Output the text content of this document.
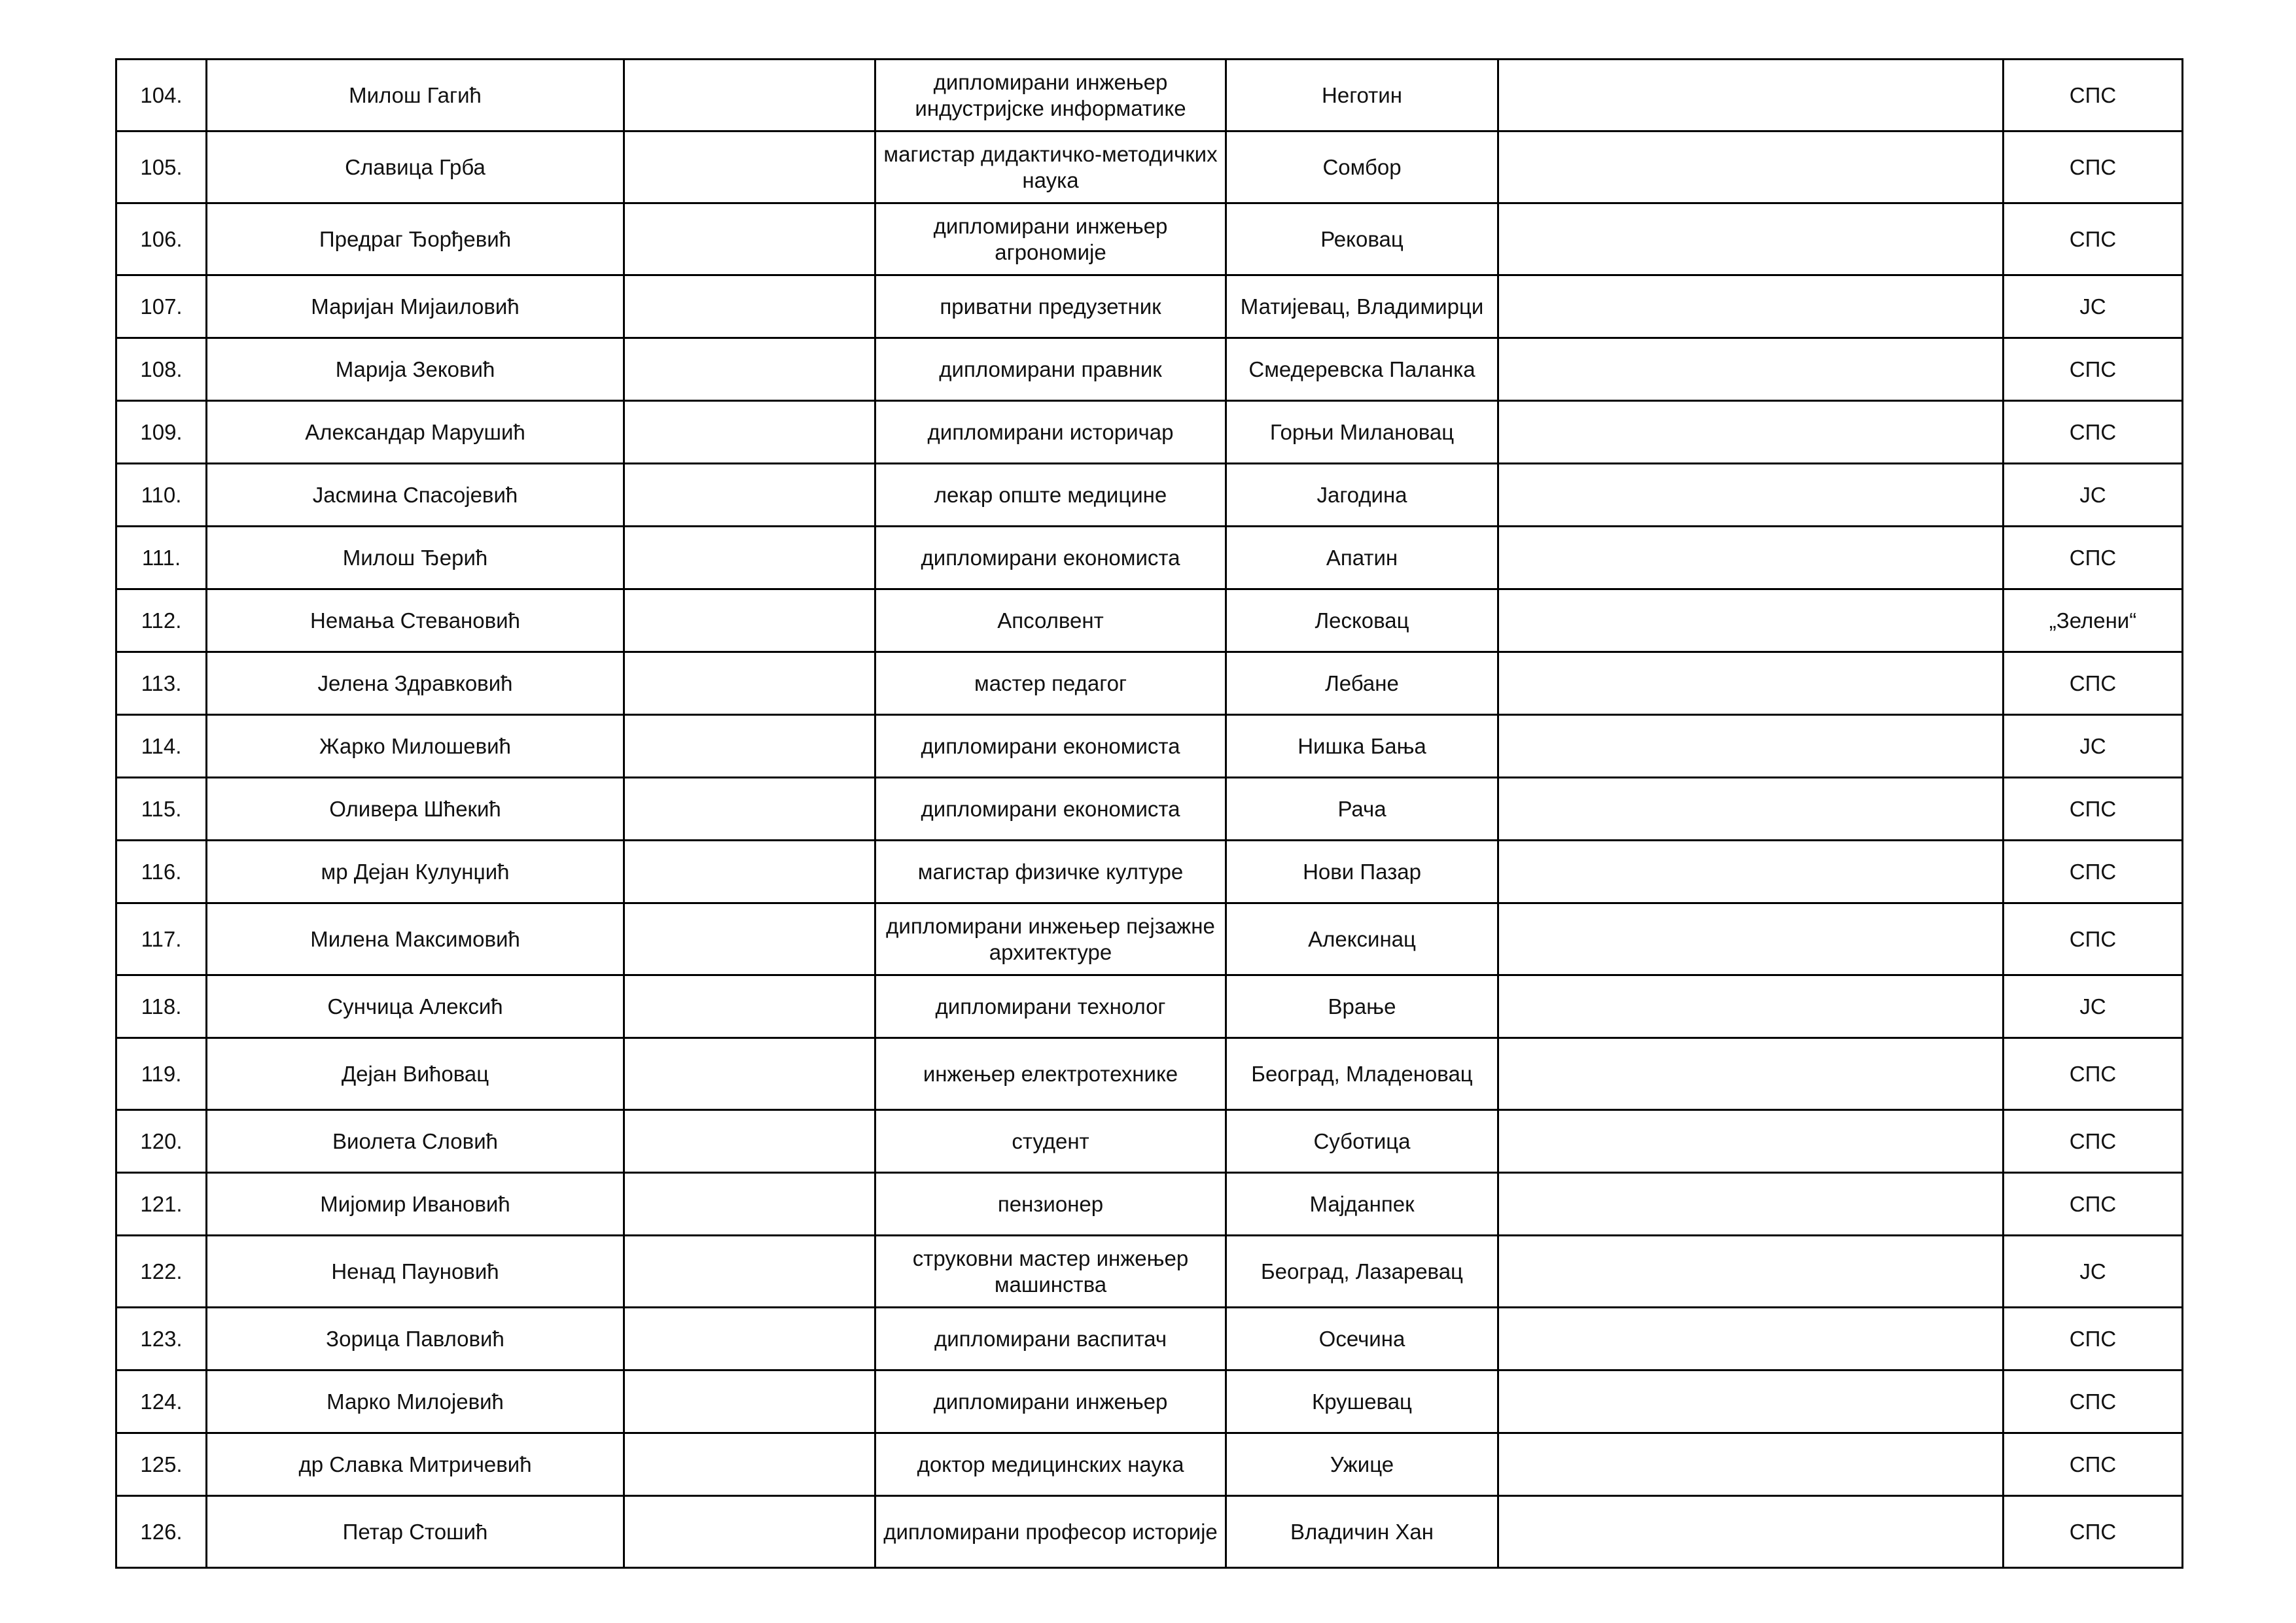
104.	Милош Гагић		дипломирани инжењер индустријске информатике	Неготин		СПС

105.	Славица Грба		магистар дидактичко-методичких наука	Сомбор		СПС

106.	Предраг Ђорђевић		дипломирани инжењер агрономије	Рековац		СПС

107.	Маријан Мијаиловић		приватни предузетник	Матијевац, Владимирци		ЈС

108.	Марија Зековић		дипломирани правник	Смедеревска Паланка		СПС

109.	Александар Марушић		дипломирани историчар	Горњи Милановац		СПС

110.	Јасмина Спасојевић		лекар опште медицине	Јагодина		ЈС

111.	Милош Ђерић		дипломирани економиста	Апатин		СПС

112.	Немања Стевановић		Апсолвент	Лесковац		„Зелени“

113.	Јелена Здравковић		мастер педагог	Лебане		СПС

114.	Жарко Милошевић		дипломирани економиста	Нишка Бања		ЈС

115.	Оливера Шћекић		дипломирани економиста	Рача		СПС

116.	мр Дејан Кулунџић		магистар физичке културе	Нови Пазар		СПС

117.	Милена Максимовић		дипломирани инжењер пејзажне архитектуре	Алексинац		СПС

118.	Сунчица Алексић		дипломирани технолог	Врање		ЈС

119.	Дејан Вићовац		инжењер електротехнике	Београд, Младеновац		СПС

120.	Виолета Словић		студент	Суботица		СПС

121.	Мијомир Ивановић		пензионер	Мајданпек		СПС

122.	Ненад Пауновић		струковни мастер инжењер машинства	Београд, Лазаревац		ЈС

123.	Зорица Павловић		дипломирани васпитач	Осечина		СПС

124.	Марко Милојевић		дипломирани инжењер	Крушевац		СПС

125.	др Славка Митричевић		доктор медицинских наука	Ужице		СПС

126.	Петар Стошић		дипломирани професор историје	Владичин Хан		СПС
